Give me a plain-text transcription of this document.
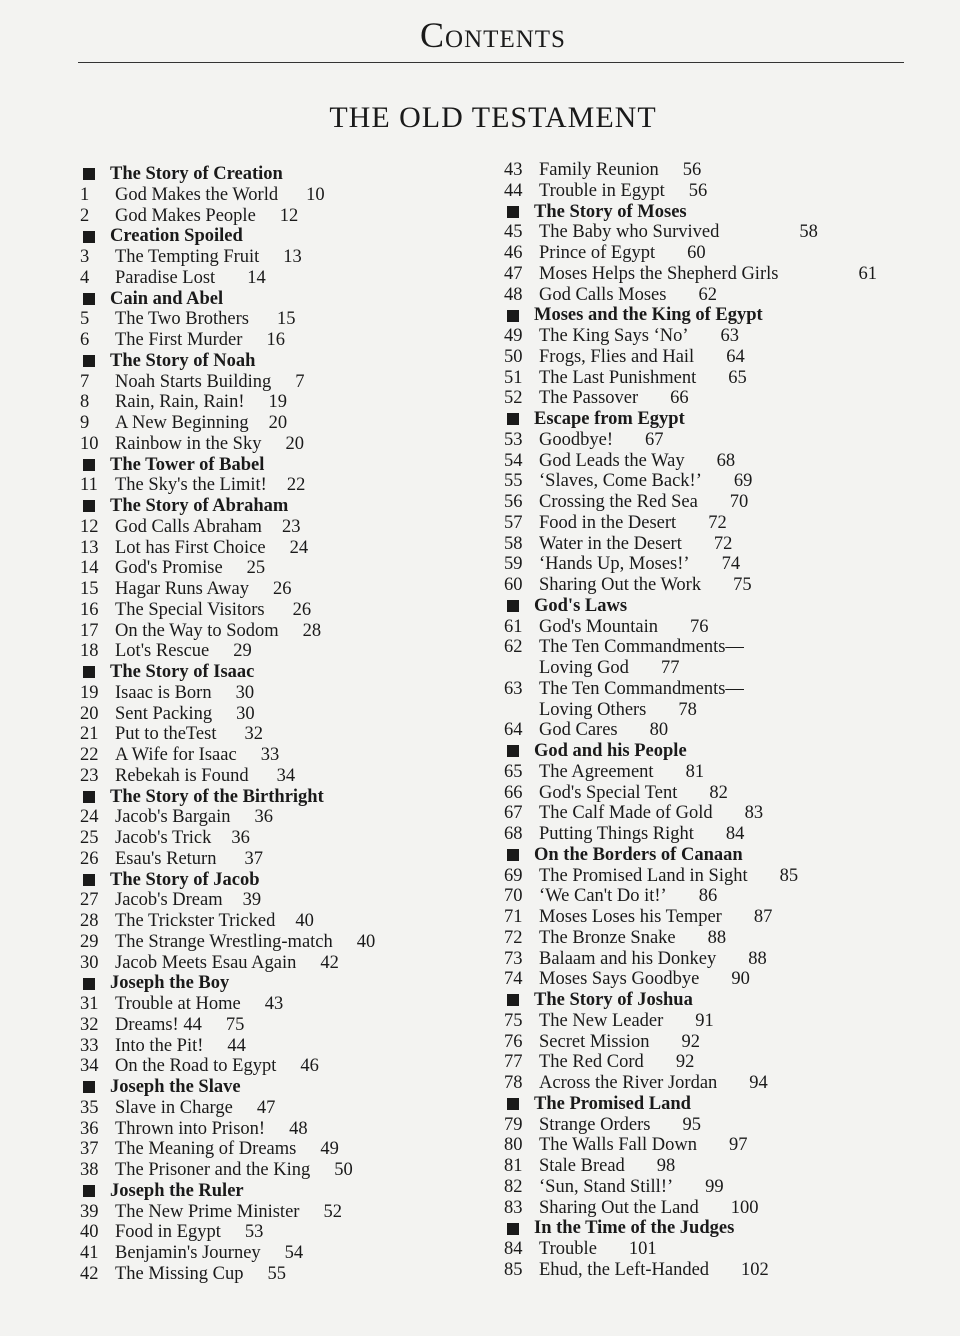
Contents
THE OLD TESTAMENT
The Story of Creation
1	God Makes the World 10
2	God Makes People 12
Creation Spoiled
3	The Tempting Fruit 13
4	Paradise Lost 14
Cain and Abel
5	The Two Brothers 15
6	The First Murder 16
The Story of Noah
7	Noah Starts Building 7
8	Rain, Rain, Rain! 19
9	A New Beginning 20
10 Rainbow in the Sky 20
The Tower of Babel
11 The Sky's the Limit! 22
The Story of Abraham
12 God Calls Abraham 23
13 Lot has First Choice 24
14 God's Promise 25
15 Hagar Runs Away 26
16 The Special Visitors 26
17 On the Way to Sodom 28
18 Lot's Rescue 29
The Story of Isaac
19 Isaac is Born 30
20 Sent Packing 30
21 Put to theTest 32
22 A Wife for Isaac 33
23 Rebekah is Found 34
The Story of the Birthright
24 Jacob's Bargain 36
25 Jacob's Trick 36
26 Esau's Return 37
The Story of Jacob
27 Jacob's Dream 39
28 The Trickster Tricked 40
29 The Strange Wrestling-match 40
30 Jacob Meets Esau Again 42
Joseph the Boy
31 Trouble at Home 43
32 Dreams! 44 75
33 Into the Pit! 44
34 On the Road to Egypt 46
Joseph the Slave
35 Slave in Charge 47
36 Thrown into Prison! 48
37 The Meaning of Dreams 49
38 The Prisoner and the King 50
Joseph the Ruler
39 The New Prime Minister 52
40 Food in Egypt 53
41 Benjamin's Journey 54
42 The Missing Cup 55
43 Family Reunion 56
44 Trouble in Egypt 56
The Story of Moses
45 The Baby who Survived	58
46 Prince of Egypt 60
47 Moses Helps the Shepherd Girls	61
48 God Calls Moses 62
Moses and the King of Egypt
49 The King Says ‘No’ 63
50 Frogs, Flies and Hail 64
51 The Last Punishment 65
52 The Passover 66
Escape from Egypt
53 Goodbye! 67
54 God Leads the Way 68
55 ‘Slaves, Come Back!’ 69
56 Crossing the Red Sea 70
57 Food in the Desert 72
58 Water in the Desert 72
59 ‘Hands Up, Moses!’ 74
60 Sharing Out the Work 75
God's Laws
61 God's Mountain 76
62 The Ten Commandments—
Loving God 77
63 The Ten Commandments—
Loving Others 78
64 God Cares 80
God and his People
65 The Agreement 81
66 God's Special Tent 82
67 The Calf Made of Gold 83
68 Putting Things Right 84
On the Borders of Canaan
69 The Promised Land in Sight 85
70 ‘We Can't Do it!’ 86
71 Moses Loses his Temper 87
72 The Bronze Snake 88
73 Balaam and his Donkey 88
74 Moses Says Goodbye 90
The Story of Joshua
75 The New Leader 91
76 Secret Mission 92
77 The Red Cord 92
78 Across the River Jordan 94
The Promised Land
79 Strange Orders 95
80 The Walls Fall Down 97
81 Stale Bread 98
82 ‘Sun, Stand Still!’ 99
83 Sharing Out the Land 100
In the Time of the Judges
84 Trouble 101
85 Ehud, the Left-Handed 102
